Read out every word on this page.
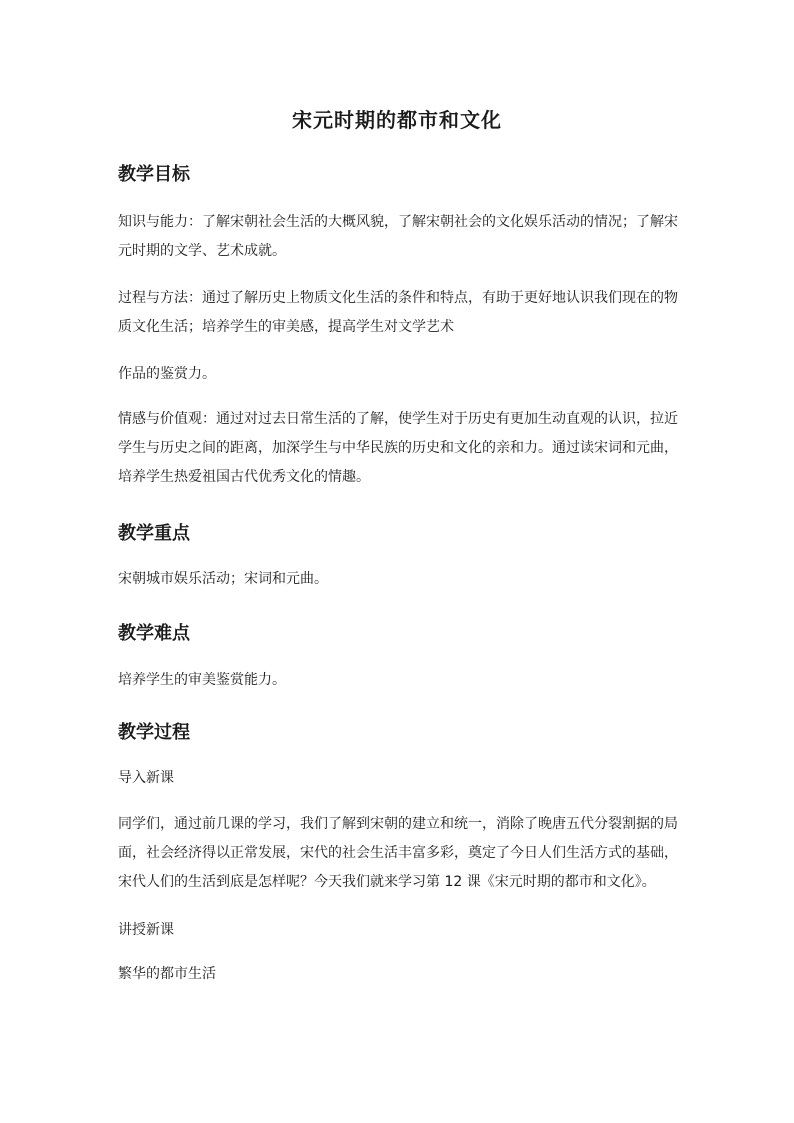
宋元时期的都市和文化
教学目标
知识与能力：了解宋朝社会生活的大概风貌，了解宋朝社会的文化娱乐活动的情况；了解宋
元时期的文学、艺术成就。
过程与方法：通过了解历史上物质文化生活的条件和特点，有助于更好地认识我们现在的物
质文化生活；培养学生的审美感，提高学生对文学艺术
作品的鉴赏力。
情感与价值观：通过对过去日常生活的了解，使学生对于历史有更加生动直观的认识，拉近
学生与历史之间的距离，加深学生与中华民族的历史和文化的亲和力。通过读宋词和元曲，
培养学生热爱祖国古代优秀文化的情趣。
教学重点
宋朝城市娱乐活动；宋词和元曲。
教学难点
培养学生的审美鉴赏能力。
教学过程
导入新课
同学们，通过前几课的学习，我们了解到宋朝的建立和统一，消除了晚唐五代分裂割据的局
面，社会经济得以正常发展，宋代的社会生活丰富多彩，奠定了今日人们生活方式的基础，
宋代人们的生活到底是怎样呢？今天我们就来学习第 12 课《宋元时期的都市和文化》。
讲授新课
繁华的都市生活
